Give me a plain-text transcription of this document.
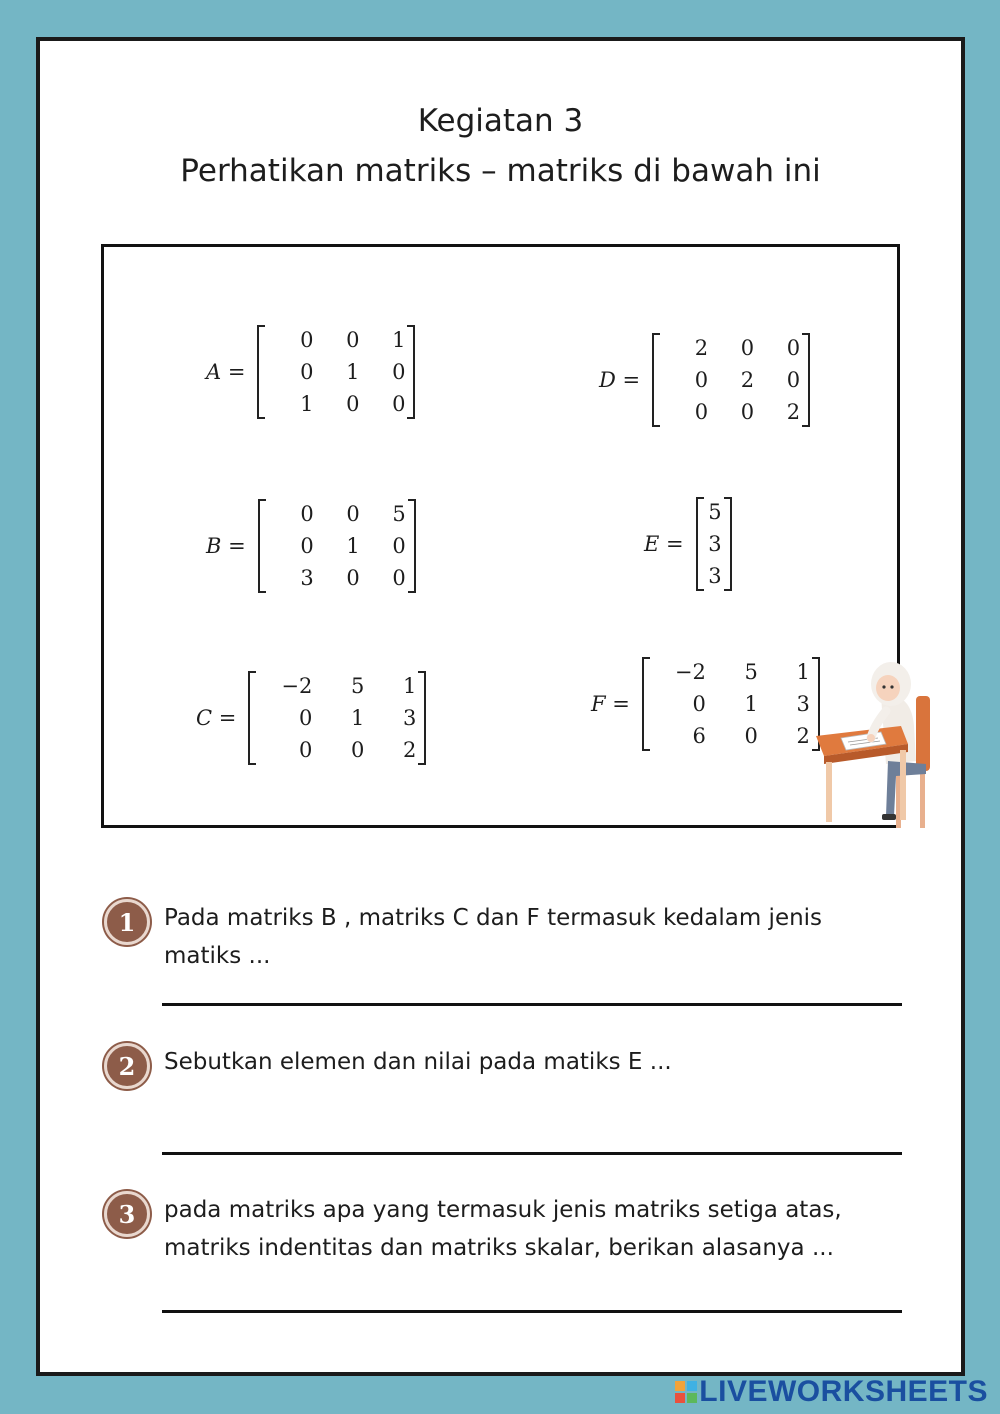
Kegiatan 3
Perhatikan matriks – matriks di bawah ini
A =
0	0	1
0	1	0
1	0	0
D =
2	0	0
0	2	0
0	0	2
B =
0	0	5
0	1	0
3	0	0
E =
5
3
3
C =
−2	5	1
0	1	3
0	0	2
F =
−2	5	1
0	1	3
6	0	2
1	Pada matriks B , matriks C dan F termasuk kedalam jenis matiks ...
2	Sebutkan elemen dan nilai pada matiks E ...
3	pada matriks apa yang termasuk jenis matriks setiga atas, matriks indentitas dan matriks skalar, berikan alasanya ...
LIVEWORKSHEETS
